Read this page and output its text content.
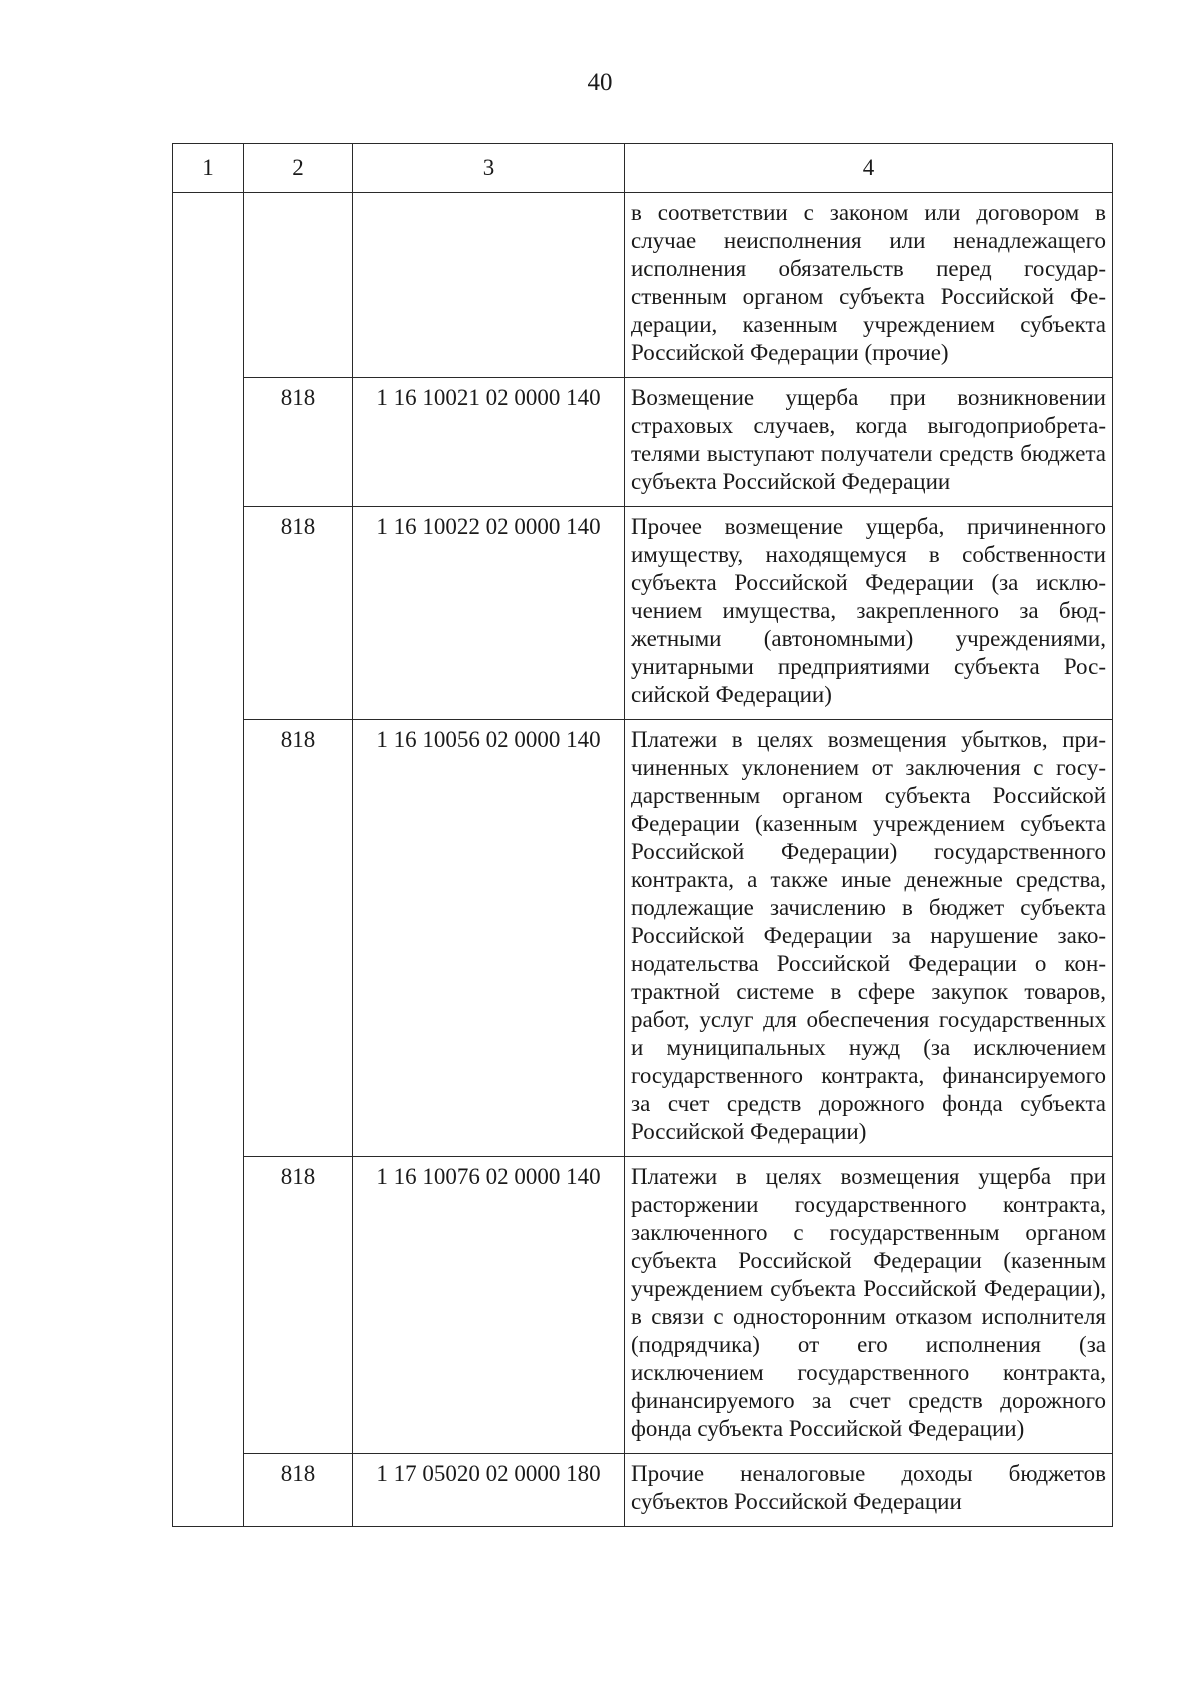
40
1	2	3	4
			в соответствии с законом или договором в случае неисполнения или ненадлежащего исполнения обязательств перед государственным органом субъекта Российской Федерации, казенным учреждением субъекта Российской Федерации (прочие)
	818	1 16 10021 02 0000 140	Возмещение ущерба при возникновении страховых случаев, когда выгодоприобретателями выступают получатели средств бюджета субъекта Российской Федерации
	818	1 16 10022 02 0000 140	Прочее возмещение ущерба, причиненного имуществу, находящемуся в собственности субъекта Российской Федерации (за исключением имущества, закрепленного за бюджетными (автономными) учреждениями, унитарными предприятиями субъекта Российской Федерации)
	818	1 16 10056 02 0000 140	Платежи в целях возмещения убытков, причиненных уклонением от заключения с государственным органом субъекта Российской Федерации (казенным учреждением субъекта Российской Федерации) государственного контракта, а также иные денежные средства, подлежащие зачислению в бюджет субъекта Российской Федерации за нарушение законодательства Российской Федерации о контрактной системе в сфере закупок товаров, работ, услуг для обеспечения государственных и муниципальных нужд (за исключением государственного контракта, финансируемого за счет средств дорожного фонда субъекта Российской Федерации)
	818	1 16 10076 02 0000 140	Платежи в целях возмещения ущерба при расторжении государственного контракта, заключенного с государственным органом субъекта Российской Федерации (казенным учреждением субъекта Российской Федерации), в связи с односторонним отказом исполнителя (подрядчика) от его исполнения (за исключением государственного контракта, финансируемого за счет средств дорожного фонда субъекта Российской Федерации)
	818	1 17 05020 02 0000 180	Прочие неналоговые доходы бюджетов субъектов Российской Федерации
